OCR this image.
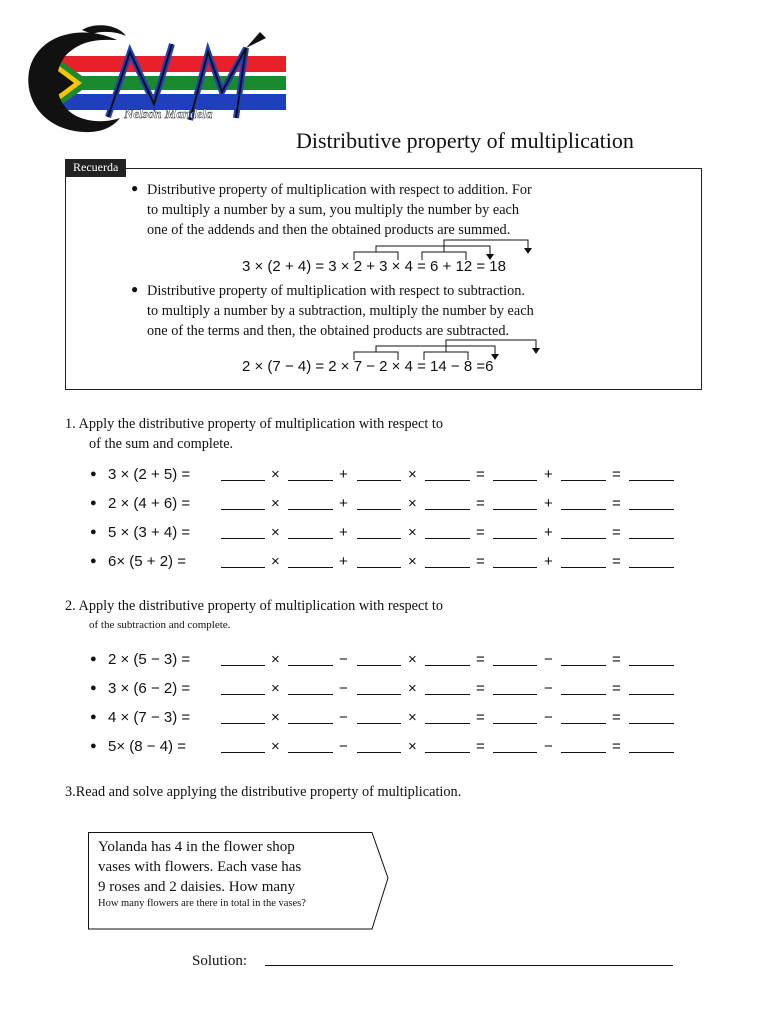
Nelson Mandela
Distributive property of multiplication
Recuerda
● Distributive property of multiplication with respect to addition. For
to multiply a number by a sum, you multiply the number by each
one of the addends and then the obtained products are summed.
3 × (2 + 4) = 3 × 2 + 3 × 4 = 6 + 12 = 18
● Distributive property of multiplication with respect to subtraction.
to multiply a number by a subtraction, multiply the number by each
one of the terms and then, the obtained products are subtracted.
2 × (7 − 4) = 2 × 7 − 2 × 4 = 14 − 8 =6
1. Apply the distributive property of multiplication with respect to
of the sum and complete.
● 3 × (2 + 5) =	×	+	×	=	+	=
● 2 × (4 + 6) =	×	+	×	=	+	=
● 5 × (3 + 4) =	×	+	×	=	+	=
● 6× (5 + 2) =	×	+	×	=	+	=
2. Apply the distributive property of multiplication with respect to
of the subtraction and complete.
● 2 × (5 − 3) =	×	−	×	=	−	=
● 3 × (6 − 2) =	×	−	×	=	−	=
● 4 × (7 − 3) =	×	−	×	=	−	=
● 5× (8 − 4) =	×	−	×	=	−	=
3.Read and solve applying the distributive property of multiplication.
Yolanda has 4 in the flower shop
vases with flowers. Each vase has
9 roses and 2 daisies. How many
How many flowers are there in total in the vases?
Solution:
